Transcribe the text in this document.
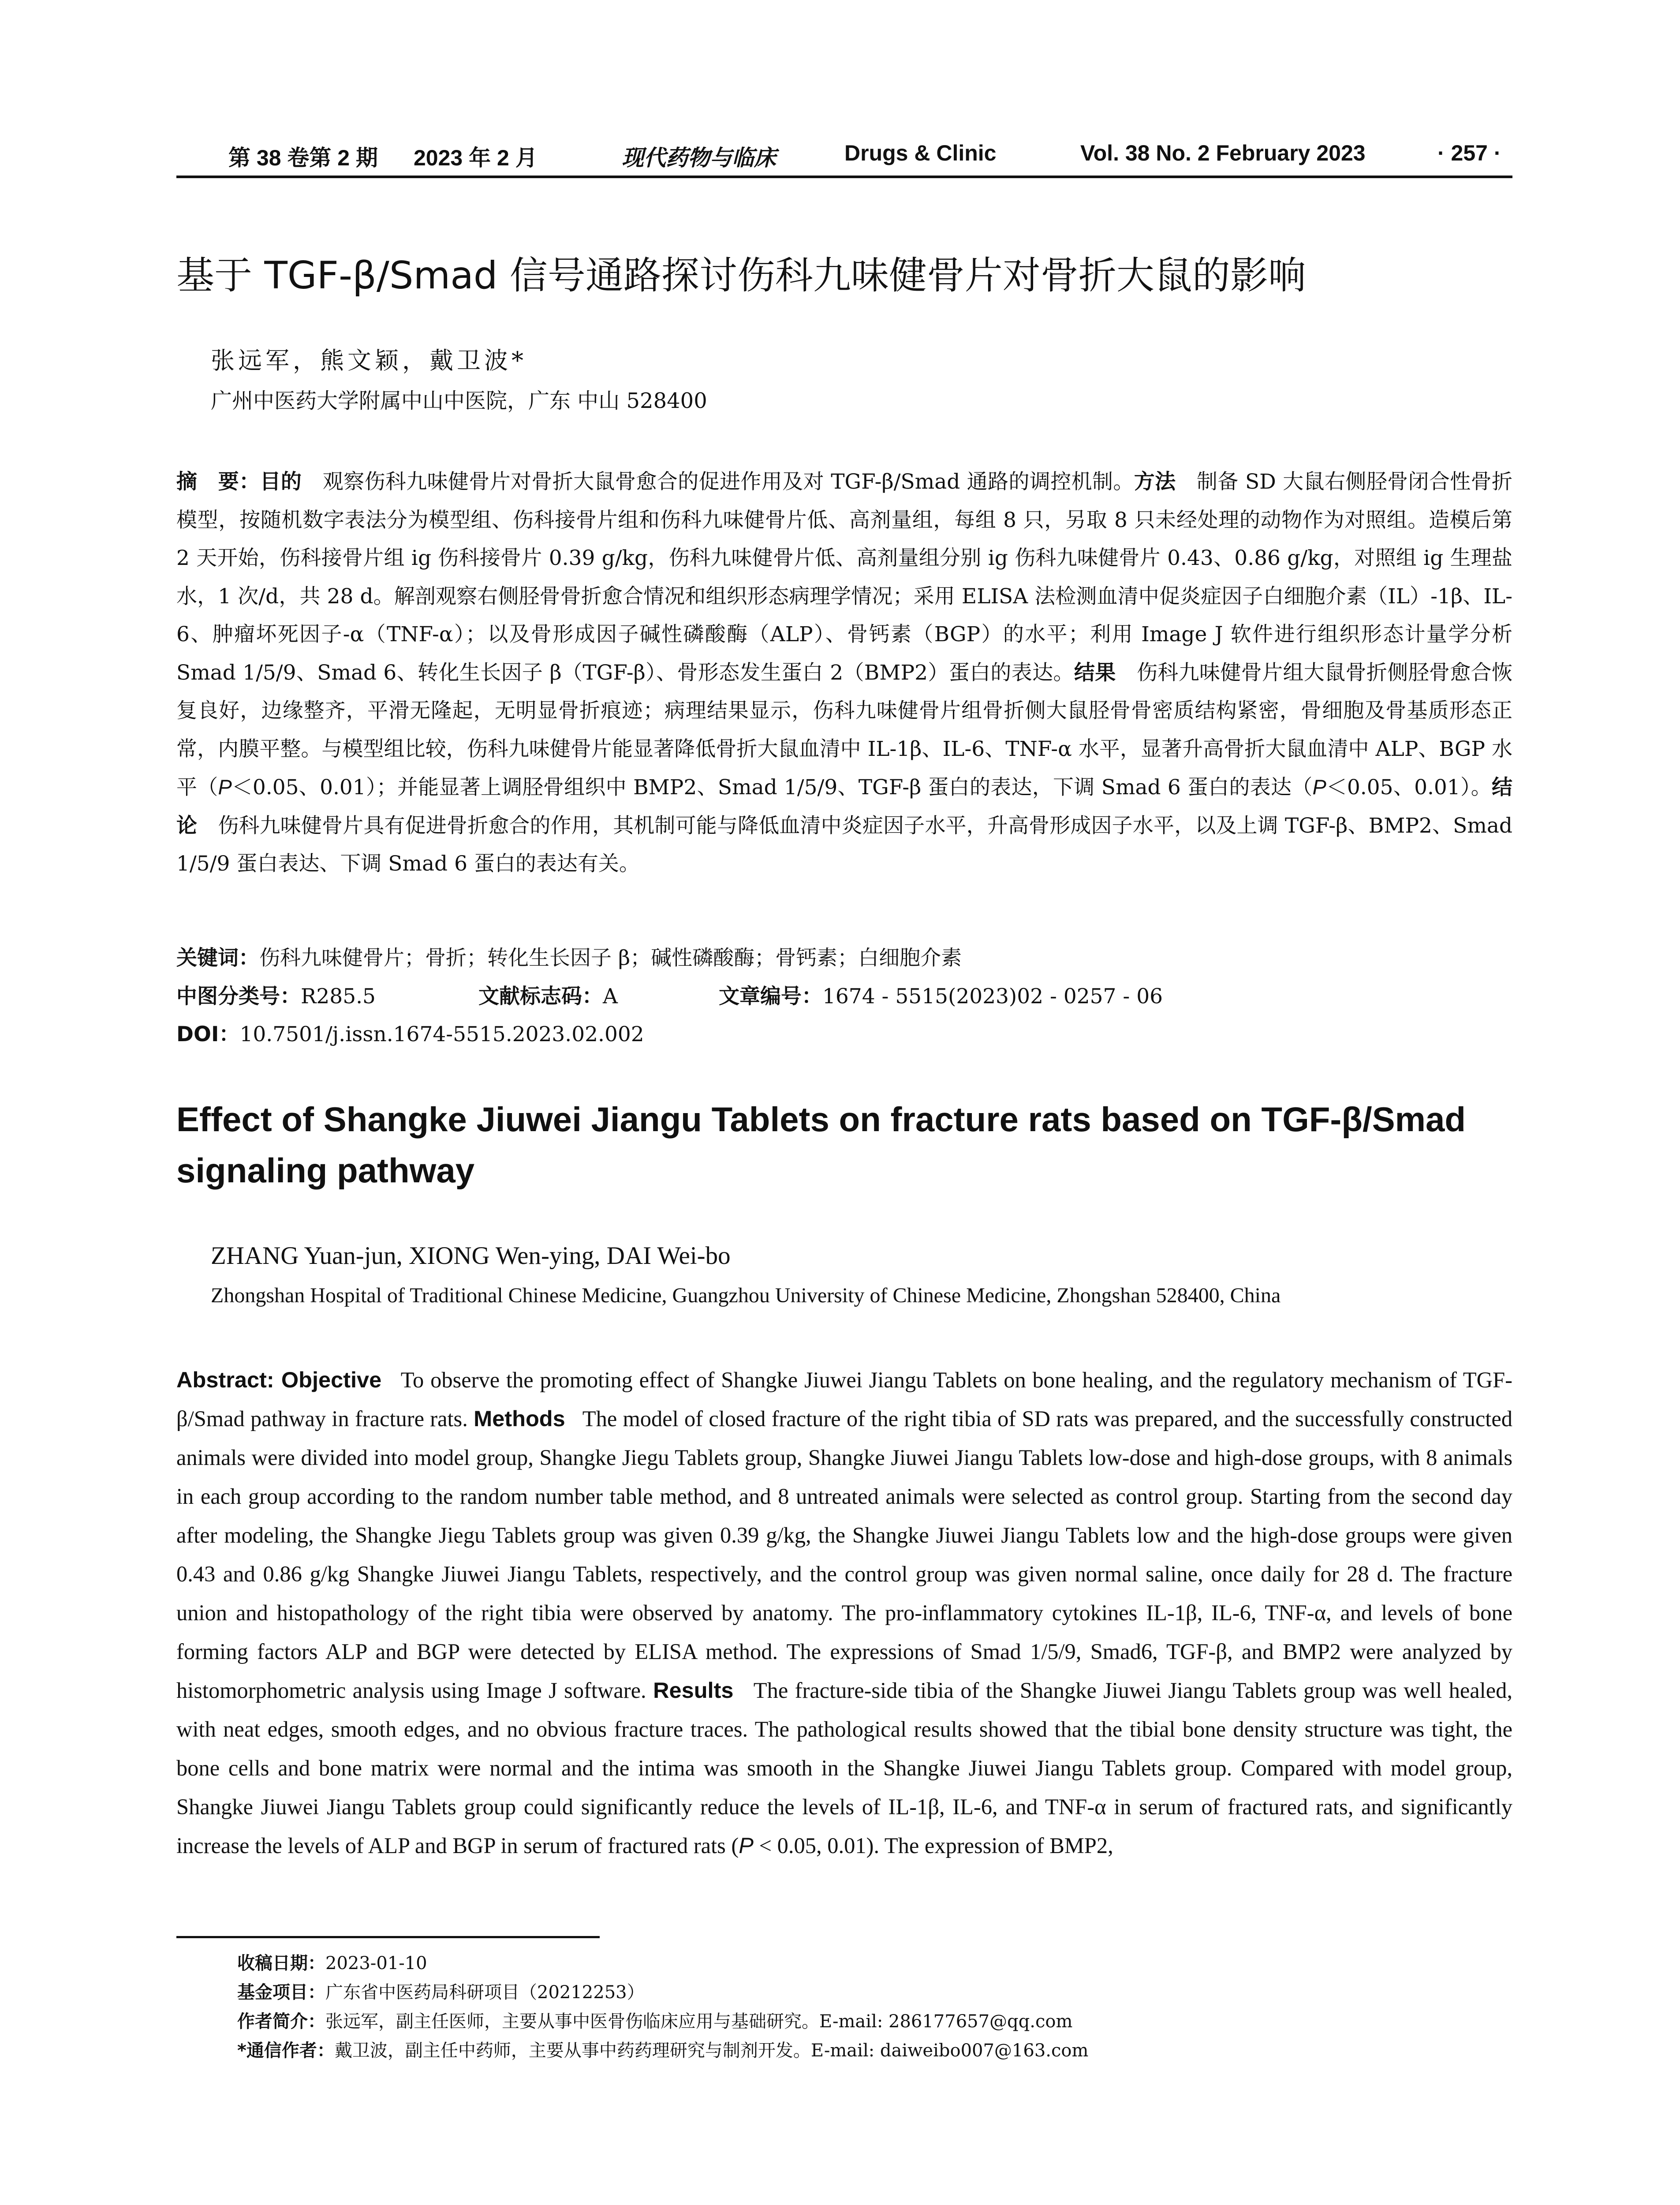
第 38 卷第 2 期 2023 年 2 月	现代药物与临床	Drugs & Clinic	Vol. 38 No. 2 February 2023	· 257 ·
基于 TGF-β/Smad 信号通路探讨伤科九味健骨片对骨折大鼠的影响
张远军，熊文颖，戴卫波*
广州中医药大学附属中山中医院，广东 中山 528400
摘　要：目的　 观察伤科九味健骨片对骨折大鼠骨愈合的促进作用及对 TGF-β/Smad 通路的调控机制。方法　 制备 SD 大鼠右侧胫骨闭合性骨折模型，按随机数字表法分为模型组、伤科接骨片组和伤科九味健骨片低、高剂量组，每组 8 只，另取 8 只未经处理的动物作为对照组。造模后第 2 天开始，伤科接骨片组 ig 伤科接骨片 0.39 g/kg，伤科九味健骨片低、高剂量组分别 ig 伤科九味健骨片 0.43、0.86 g/kg，对照组 ig 生理盐水，1 次/d，共 28 d。解剖观察右侧胫骨骨折愈合情况和组织形态病理学情况；采用 ELISA 法检测血清中促炎症因子白细胞介素（IL）-1β、IL-6、肿瘤坏死因子-α（TNF-α）；以及骨形成因子碱性磷酸酶（ALP）、骨钙素（BGP）的水平；利用 Image J 软件进行组织形态计量学分析 Smad 1/5/9、Smad 6、转化生长因子 β（TGF-β）、骨形态发生蛋白 2（BMP2）蛋白的表达。结果　 伤科九味健骨片组大鼠骨折侧胫骨愈合恢复良好，边缘整齐，平滑无隆起，无明显骨折痕迹；病理结果显示，伤科九味健骨片组骨折侧大鼠胫骨骨密质结构紧密，骨细胞及骨基质形态正常，内膜平整。与模型组比较，伤科九味健骨片能显著降低骨折大鼠血清中 IL-1β、IL-6、TNF-α 水平，显著升高骨折大鼠血清中 ALP、BGP 水平（P＜0.05、0.01）；并能显著上调胫骨组织中 BMP2、Smad 1/5/9、TGF-β 蛋白的表达，下调 Smad 6 蛋白的表达（P＜0.05、0.01）。结论　 伤科九味健骨片具有促进骨折愈合的作用，其机制可能与降低血清中炎症因子水平，升高骨形成因子水平，以及上调 TGF-β、BMP2、Smad 1/5/9 蛋白表达、下调 Smad 6 蛋白的表达有关。
关键词：伤科九味健骨片；骨折；转化生长因子 β；碱性磷酸酶；骨钙素；白细胞介素
中图分类号：R285.5	文献标志码：A	文章编号：1674 - 5515(2023)02 - 0257 - 06
DOI：10.7501/j.issn.1674-5515.2023.02.002
Effect of Shangke Jiuwei Jiangu Tablets on fracture rats based on TGF-β/Smad signaling pathway
ZHANG Yuan-jun, XIONG Wen-ying, DAI Wei-bo
Zhongshan Hospital of Traditional Chinese Medicine, Guangzhou University of Chinese Medicine, Zhongshan 528400, China
Abstract: Objective To observe the promoting effect of Shangke Jiuwei Jiangu Tablets on bone healing, and the regulatory mechanism of TGF-β/Smad pathway in fracture rats. Methods The model of closed fracture of the right tibia of SD rats was prepared, and the successfully constructed animals were divided into model group, Shangke Jiegu Tablets group, Shangke Jiuwei Jiangu Tablets low-dose and high-dose groups, with 8 animals in each group according to the random number table method, and 8 untreated animals were selected as control group. Starting from the second day after modeling, the Shangke Jiegu Tablets group was given 0.39 g/kg, the Shangke Jiuwei Jiangu Tablets low and the high-dose groups were given 0.43 and 0.86 g/kg Shangke Jiuwei Jiangu Tablets, respectively, and the control group was given normal saline, once daily for 28 d. The fracture union and histopathology of the right tibia were observed by anatomy. The pro-inflammatory cytokines IL-1β, IL-6, TNF-α, and levels of bone forming factors ALP and BGP were detected by ELISA method. The expressions of Smad 1/5/9, Smad6, TGF-β, and BMP2 were analyzed by histomorphometric analysis using Image J software. Results The fracture-side tibia of the Shangke Jiuwei Jiangu Tablets group was well healed, with neat edges, smooth edges, and no obvious fracture traces. The pathological results showed that the tibial bone density structure was tight, the bone cells and bone matrix were normal and the intima was smooth in the Shangke Jiuwei Jiangu Tablets group. Compared with model group, Shangke Jiuwei Jiangu Tablets group could significantly reduce the levels of IL-1β, IL-6, and TNF-α in serum of fractured rats, and significantly increase the levels of ALP and BGP in serum of fractured rats (P < 0.05, 0.01). The expression of BMP2,
收稿日期：2023-01-10
基金项目：广东省中医药局科研项目（20212253）
作者简介：张远军，副主任医师，主要从事中医骨伤临床应用与基础研究。E-mail: 286177657@qq.com
*通信作者：戴卫波，副主任中药师，主要从事中药药理研究与制剂开发。E-mail: daiweibo007@163.com
